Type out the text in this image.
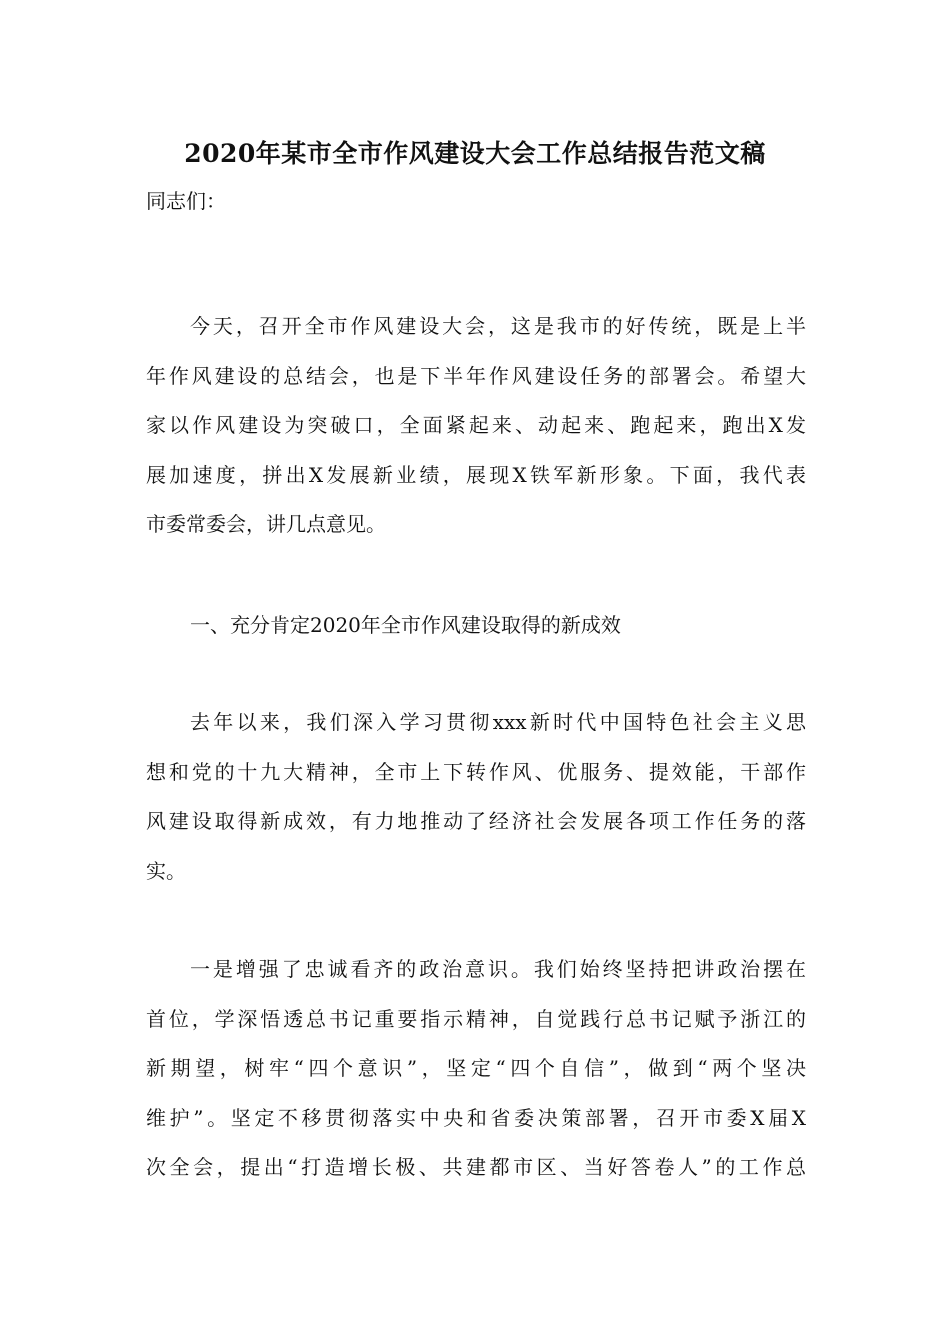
2020年某市全市作风建设大会工作总结报告范文稿
同志们：
今天，召开全市作风建设大会，这是我市的好传统，既是上半
年作风建设的总结会，也是下半年作风建设任务的部署会。希望大
家以作风建设为突破口，全面紧起来、动起来、跑起来，跑出X发
展加速度，拼出X发展新业绩，展现X铁军新形象。下面，我代表
市委常委会，讲几点意见。
一、充分肯定2020年全市作风建设取得的新成效
去年以来，我们深入学习贯彻xxx新时代中国特色社会主义思
想和党的十九大精神，全市上下转作风、优服务、提效能，干部作
风建设取得新成效，有力地推动了经济社会发展各项工作任务的落
实。
一是增强了忠诚看齐的政治意识。我们始终坚持把讲政治摆在
首位，学深悟透总书记重要指示精神，自觉践行总书记赋予浙江的
新期望，树牢“四个意识”，坚定“四个自信”，做到“两个坚决
维护”。坚定不移贯彻落实中央和省委决策部署，召开市委X届X
次全会，提出“打造增长极、共建都市区、当好答卷人”的工作总
